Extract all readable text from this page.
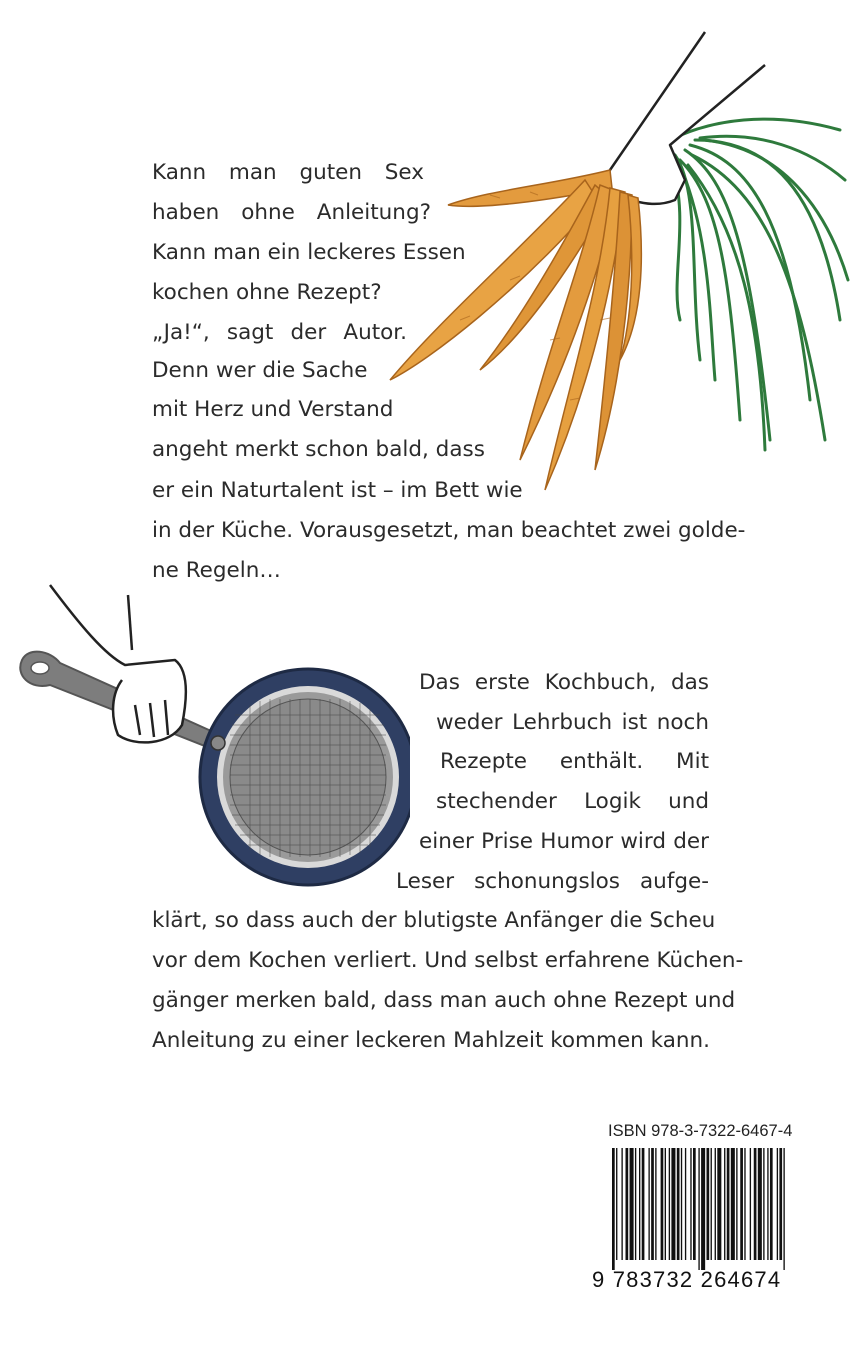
Kann man guten Sex
haben ohne Anleitung?
Kann man ein leckeres Essen
kochen ohne Rezept?
„Ja!“, sagt der Autor.
Denn wer die Sache
mit Herz und Verstand
angeht merkt schon bald, dass
er ein Naturtalent ist – im Bett wie
in der Küche. Vorausgesetzt, man beachtet zwei golde-
ne Regeln…
Das erste Kochbuch, das
weder Lehrbuch ist noch
Rezepte enthält. Mit
stechender Logik und
einer Prise Humor wird der
Leser schonungslos aufge-
klärt, so dass auch der blutigste Anfänger die Scheu
vor dem Kochen verliert. Und selbst erfahrene Küchen-
gänger merken bald, dass man auch ohne Rezept und
Anleitung zu einer leckeren Mahlzeit kommen kann.
ISBN 978-3-7322-6467-4
9 783732 264674
